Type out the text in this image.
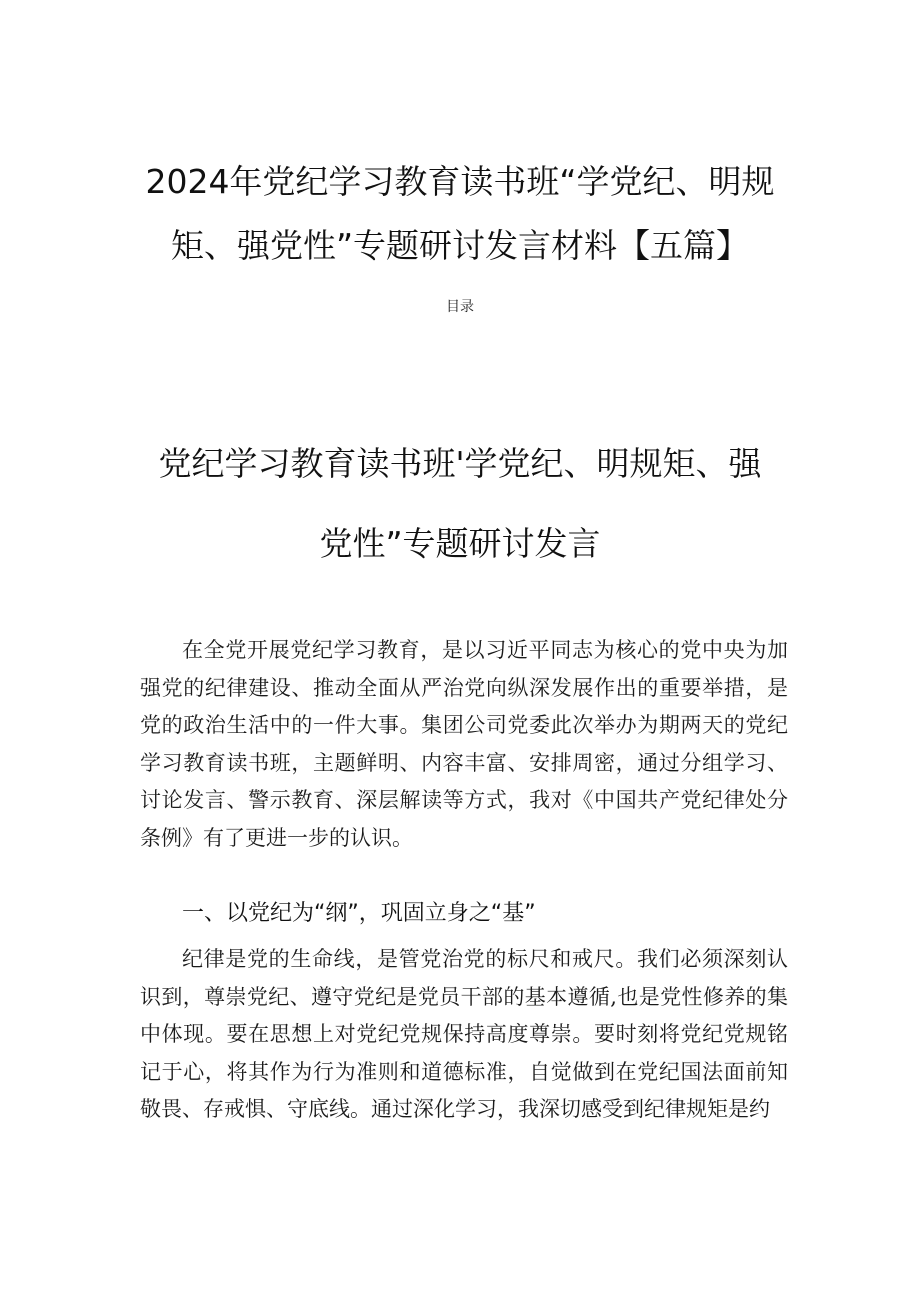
2024年党纪学习教育读书班“学党纪、明规
矩、强党性”专题研讨发言材料【五篇】
目录
党纪学习教育读书班'学党纪、明规矩、强
党性”专题研讨发言

在全党开展党纪学习教育，是以习近平同志为核心的党中央为加强党的纪律建设、推动全面从严治党向纵深发展作出的重要举措，是党的政治生活中的一件大事。集团公司党委此次举办为期两天的党纪学习教育读书班，主题鲜明、内容丰富、安排周密，通过分组学习、讨论发言、警示教育、深层解读等方式，我对《中国共产党纪律处分条例》有了更进一步的认识。

一、以党纪为“纲”，巩固立身之“基”

纪律是党的生命线，是管党治党的标尺和戒尺。我们必须深刻认识到，尊崇党纪、遵守党纪是党员干部的基本遵循,也是党性修养的集中体现。要在思想上对党纪党规保持高度尊崇。要时刻将党纪党规铭记于心，将其作为行为准则和道德标准，自觉做到在党纪国法面前知敬畏、存戒惧、守底线。通过深化学习，我深切感受到纪律规矩是约
